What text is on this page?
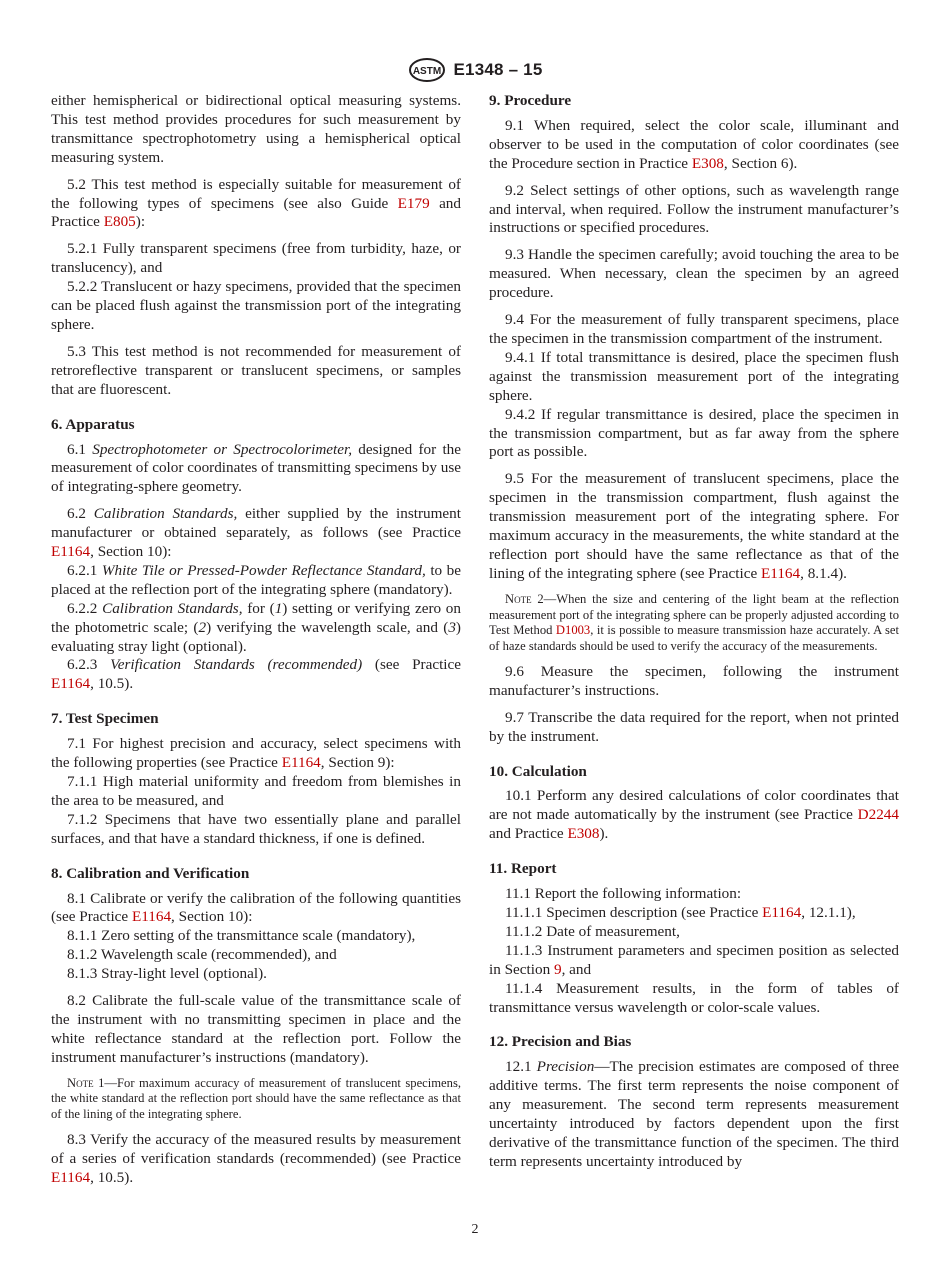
ASTM E1348 – 15

either hemispherical or bidirectional optical measuring systems. This test method provides procedures for such measurement by transmittance spectrophotometry using a hemispherical optical measuring system.

5.2 This test method is especially suitable for measurement of the following types of specimens (see also Guide E179 and Practice E805):

5.2.1 Fully transparent specimens (free from turbidity, haze, or translucency), and

5.2.2 Translucent or hazy specimens, provided that the specimen can be placed flush against the transmission port of the integrating sphere.

5.3 This test method is not recommended for measurement of retroreflective transparent or translucent specimens, or samples that are fluorescent.

6. Apparatus

6.1 Spectrophotometer or Spectrocolorimeter, designed for the measurement of color coordinates of transmitting specimens by use of integrating-sphere geometry.

6.2 Calibration Standards, either supplied by the instrument manufacturer or obtained separately, as follows (see Practice E1164, Section 10):

6.2.1 White Tile or Pressed-Powder Reflectance Standard, to be placed at the reflection port of the integrating sphere (mandatory).

6.2.2 Calibration Standards, for (1) setting or verifying zero on the photometric scale; (2) verifying the wavelength scale, and (3) evaluating stray light (optional).

6.2.3 Verification Standards (recommended) (see Practice E1164, 10.5).

7. Test Specimen

7.1 For highest precision and accuracy, select specimens with the following properties (see Practice E1164, Section 9):

7.1.1 High material uniformity and freedom from blemishes in the area to be measured, and

7.1.2 Specimens that have two essentially plane and parallel surfaces, and that have a standard thickness, if one is defined.

8. Calibration and Verification

8.1 Calibrate or verify the calibration of the following quantities (see Practice E1164, Section 10):

8.1.1 Zero setting of the transmittance scale (mandatory),

8.1.2 Wavelength scale (recommended), and

8.1.3 Stray-light level (optional).

8.2 Calibrate the full-scale value of the transmittance scale of the instrument with no transmitting specimen in place and the white reflectance standard at the reflection port. Follow the instrument manufacturer’s instructions (mandatory).

Note 1—For maximum accuracy of measurement of translucent specimens, the white standard at the reflection port should have the same reflectance as that of the lining of the integrating sphere.

8.3 Verify the accuracy of the measured results by measurement of a series of verification standards (recommended) (see Practice E1164, 10.5).

9. Procedure

9.1 When required, select the color scale, illuminant and observer to be used in the computation of color coordinates (see the Procedure section in Practice E308, Section 6).

9.2 Select settings of other options, such as wavelength range and interval, when required. Follow the instrument manufacturer’s instructions or specified procedures.

9.3 Handle the specimen carefully; avoid touching the area to be measured. When necessary, clean the specimen by an agreed procedure.

9.4 For the measurement of fully transparent specimens, place the specimen in the transmission compartment of the instrument.

9.4.1 If total transmittance is desired, place the specimen flush against the transmission measurement port of the integrating sphere.

9.4.2 If regular transmittance is desired, place the specimen in the transmission compartment, but as far away from the sphere port as possible.

9.5 For the measurement of translucent specimens, place the specimen in the transmission compartment, flush against the transmission measurement port of the integrating sphere. For maximum accuracy in the measurements, the white standard at the reflection port should have the same reflectance as that of the lining of the integrating sphere (see Practice E1164, 8.1.4).

Note 2—When the size and centering of the light beam at the reflection measurement port of the integrating sphere can be properly adjusted according to Test Method D1003, it is possible to measure transmission haze accurately. A set of haze standards should be used to verify the accuracy of the measurements.

9.6 Measure the specimen, following the instrument manufacturer’s instructions.

9.7 Transcribe the data required for the report, when not printed by the instrument.

10. Calculation

10.1 Perform any desired calculations of color coordinates that are not made automatically by the instrument (see Practice D2244 and Practice E308).

11. Report

11.1 Report the following information:

11.1.1 Specimen description (see Practice E1164, 12.1.1),

11.1.2 Date of measurement,

11.1.3 Instrument parameters and specimen position as selected in Section 9, and

11.1.4 Measurement results, in the form of tables of transmittance versus wavelength or color-scale values.

12. Precision and Bias

12.1 Precision—The precision estimates are composed of three additive terms. The first term represents the noise component of any measurement. The second term represents measurement uncertainty introduced by factors dependent upon the first derivative of the transmittance function of the specimen. The third term represents uncertainty introduced by

2
